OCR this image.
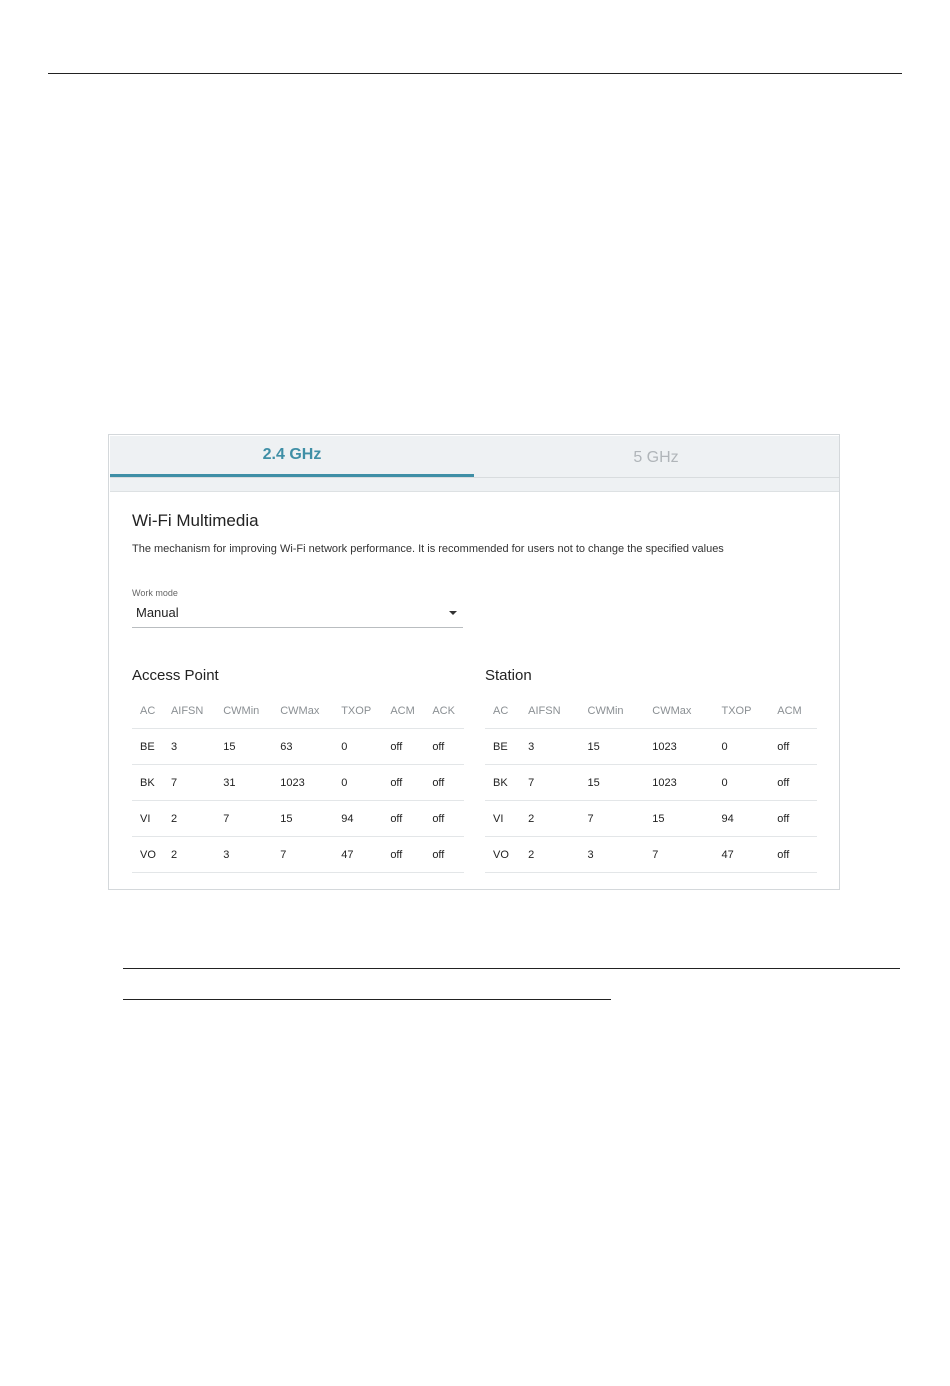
2.4 GHz	5 GHz
Wi-Fi Multimedia
The mechanism for improving Wi-Fi network performance. It is recommended for users not to change the specified values
Work mode
Manual
Access Point
AC	AIFSN	CWMin	CWMax	TXOP	ACM	ACK
BE	3	15	63	0	off	off
BK	7	31	1023	0	off	off
VI	2	7	15	94	off	off
VO	2	3	7	47	off	off
Station
AC	AIFSN	CWMin	CWMax	TXOP	ACM
BE	3	15	1023	0	off
BK	7	15	1023	0	off
VI	2	7	15	94	off
VO	2	3	7	47	off
